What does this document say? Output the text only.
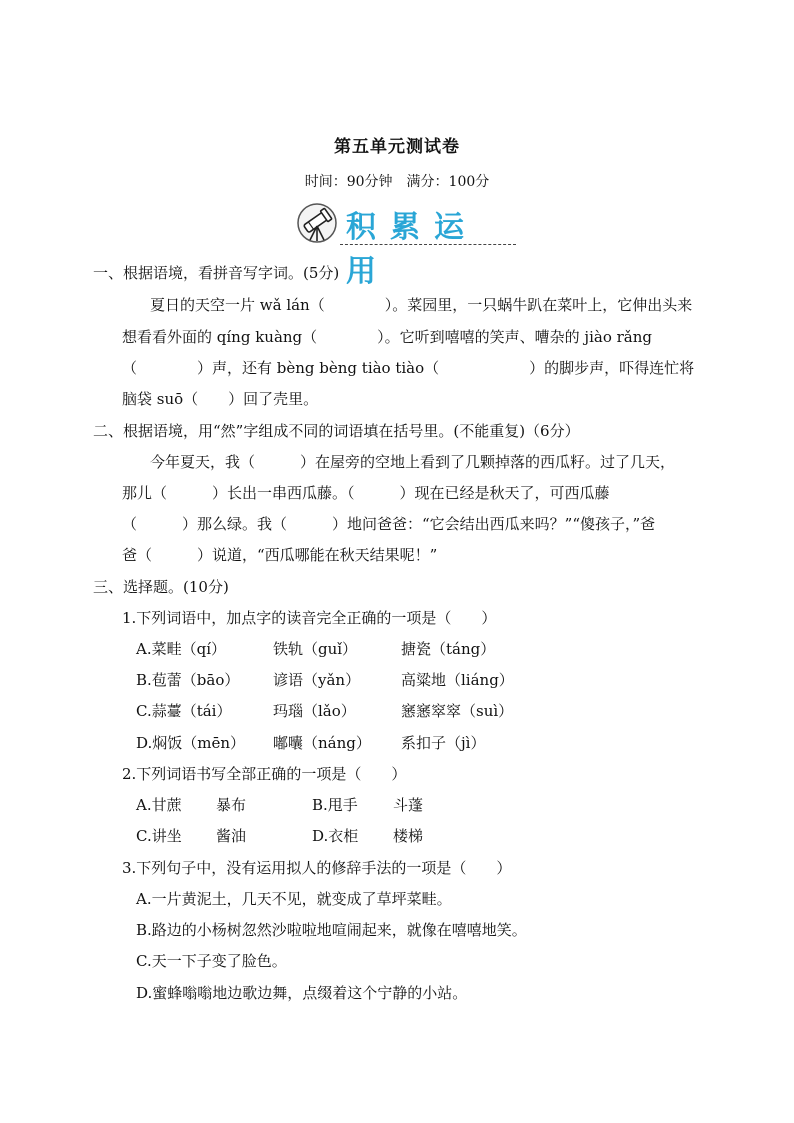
第五单元测试卷
时间：90分钟　满分：100分
积累运用
一、根据语境，看拼音写字词。(5分)
夏日的天空一片 wǎ lán（　　　　）。菜园里，一只蜗牛趴在菜叶上，它伸出头来
想看看外面的 qíng kuàng（　　　　）。它听到嘻嘻的笑声、嘈杂的 jiào rǎng
（　　　　）声，还有 bèng bèng tiào tiào（　　　　　　）的脚步声，吓得连忙将
脑袋 suō（　　）回了壳里。
二、根据语境，用“然”字组成不同的词语填在括号里。(不能重复)（6分）
今年夏天，我（　　　）在屋旁的空地上看到了几颗掉落的西瓜籽。过了几天，
那儿（　　　）长出一串西瓜藤。（　　　）现在已经是秋天了，可西瓜藤
（　　　）那么绿。我（　　　）地问爸爸：“它会结出西瓜来吗？”“傻孩子，”爸
爸（　　　）说道，“西瓜哪能在秋天结果呢！”
三、选择题。(10分)
1.下列词语中，加点字的读音完全正确的一项是（　　）
A.菜畦（qí）	铁轨（guǐ）	搪瓷（táng）
B.苞蕾（bāo） 谚语（yǎn）	高粱地（liáng）
C.蒜薹（tái）	玛瑙（lǎo）	窸窸窣窣（suì）
D.焖饭（mēn） 嘟囔（náng） 系扣子（jì）
2.下列词语书写全部正确的一项是（　　）
A.甘蔗 暴布	B.甩手 斗蓬
C.讲坐 酱油	D.衣柜 楼梯
3.下列句子中，没有运用拟人的修辞手法的一项是（　　）
A.一片黄泥土，几天不见，就变成了草坪菜畦。
B.路边的小杨树忽然沙啦啦地喧闹起来，就像在嘻嘻地笑。
C.天一下子变了脸色。
D.蜜蜂嗡嗡地边歌边舞，点缀着这个宁静的小站。
